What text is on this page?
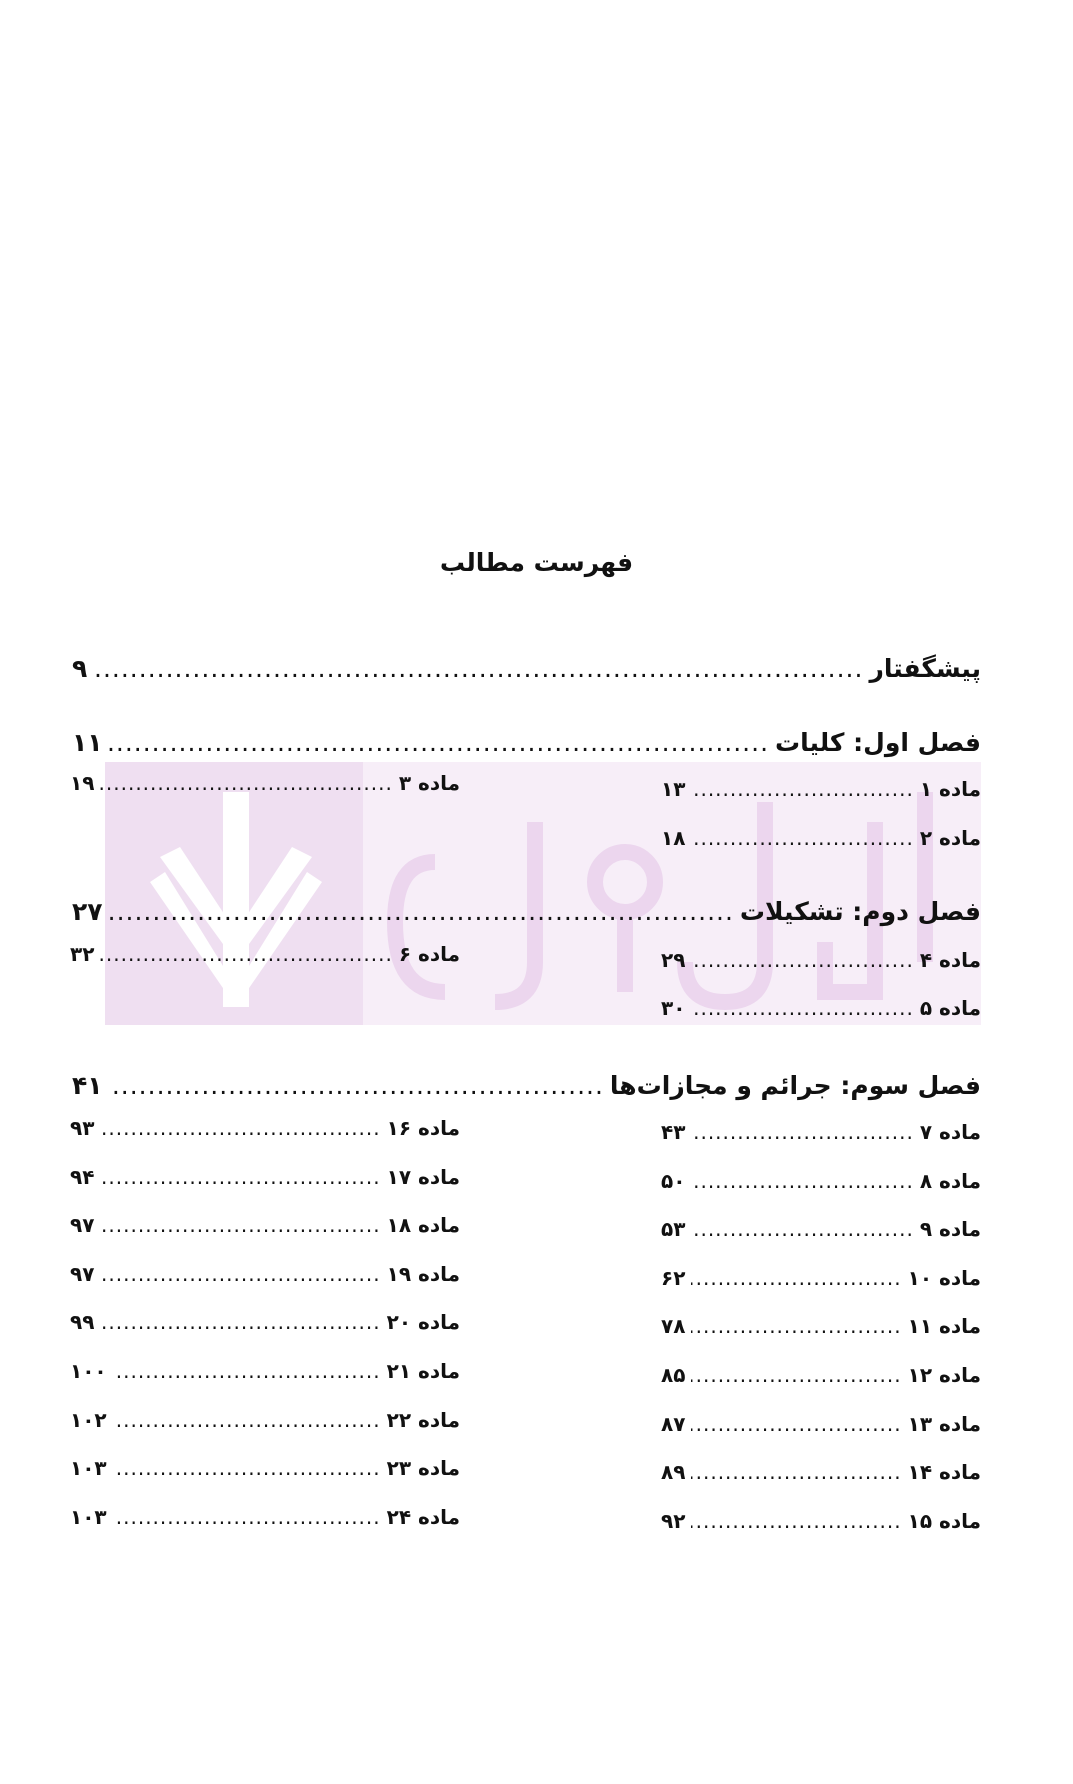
فهرست مطالب
پیشگفتار
.....
۹
فصل اول: کلیات
.....
۱۱
ماده ۱
.....
۱۳
ماده ۲
.....
۱۸
ماده ۳
.....
۱۹
فصل دوم: تشکیلات
.....
۲۷
ماده ۴
.....
۲۹
ماده ۵
.....
۳۰
ماده ۶
.....
۳۲
فصل سوم: جرائم و مجازات‌ها
.....
۴۱
ماده ۷
.....
۴۳
ماده ۸
.....
۵۰
ماده ۹
.....
۵۳
ماده ۱۰
.....
۶۲
ماده ۱۱
.....
۷۸
ماده ۱۲
.....
۸۵
ماده ۱۳
.....
۸۷
ماده ۱۴
.....
۸۹
ماده ۱۵
.....
۹۲
ماده ۱۶
.....
۹۳
ماده ۱۷
.....
۹۴
ماده ۱۸
.....
۹۷
ماده ۱۹
.....
۹۷
ماده ۲۰
.....
۹۹
ماده ۲۱
.....
۱۰۰
ماده ۲۲
.....
۱۰۲
ماده ۲۳
.....
۱۰۳
ماده ۲۴
.....
۱۰۳
